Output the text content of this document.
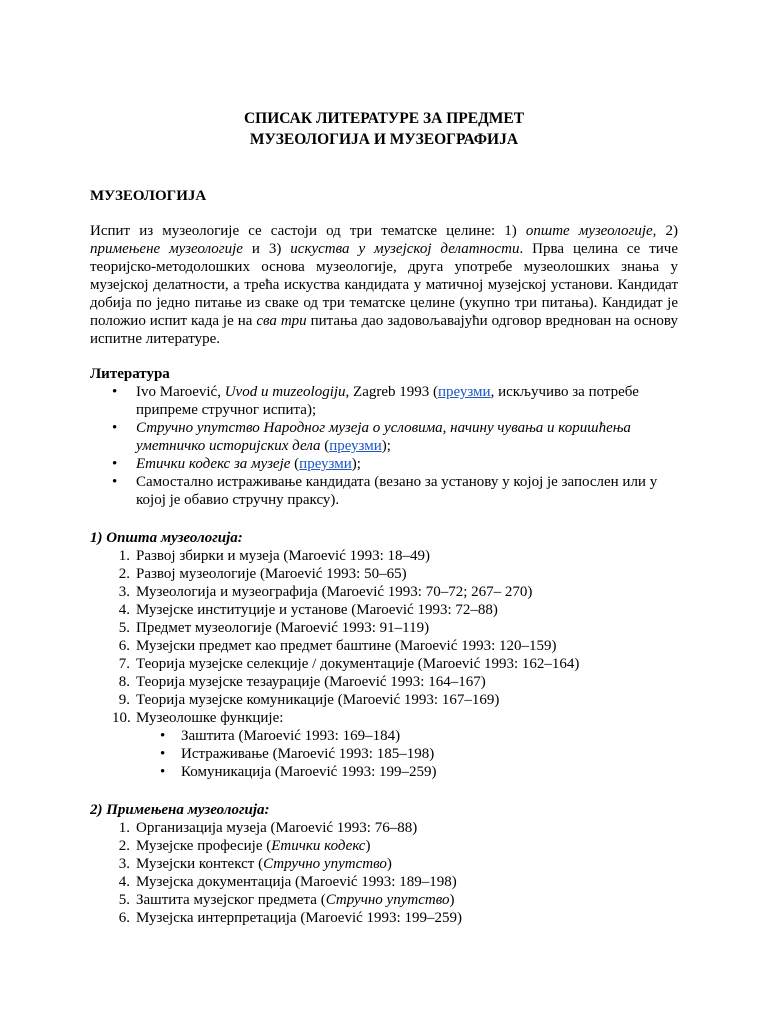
СПИСАК ЛИТЕРАТУРЕ ЗА ПРЕДМЕТ
МУЗЕОЛОГИЈА И МУЗЕОГРАФИЈА
МУЗЕОЛОГИЈА
Испит из музеологије се састоји од три тематске целине: 1) опште музеологије, 2)
примењене музеологије и 3) искуства у музејској делатности. Прва целина се тиче
теоријско-методолошких основа музеологије, друга употребе музеолошких знања у
музејској делатности, а трећа искуства кандидата у матичној музејској установи. Кандидат
добија по једно питање из сваке од три тематске целине (укупно три питања). Кандидат је
положио испит када је на сва три питања дао задовољавајући одговор вреднован на основу
испитне литературе.
Литература
• Ivo Maroević, Uvod u muzeologiju, Zagreb 1993 (преузми, искључиво за потребе
припреме стручног испита);
• Стручно упутство Народног музеја о условима, начину чувања и коришћења
уметничко историјских дела (преузми);
• Етички кодекс за музеје (преузми);
• Самостално истраживање кандидата (везано за установу у којој је запослен или у
којој је обавио стручну праксу).
1) Општа музеологија:
1. Развој збирки и музеја (Maroević 1993: 18–49)
2. Развој музеологије (Maroević 1993: 50–65)
3. Музеологија и музеографија (Maroević 1993: 70–72; 267– 270)
4. Музејске институције и установе (Maroević 1993: 72–88)
5. Предмет музеологије (Maroević 1993: 91–119)
6. Музејски предмет као предмет баштине (Maroević 1993: 120–159)
7. Теорија музејске селекције / документације (Maroević 1993: 162–164)
8. Теорија музејске тезаурације (Maroević 1993: 164–167)
9. Теорија музејске комуникације (Maroević 1993: 167–169)
10. Музеолошке функције:
• Заштита (Maroević 1993: 169–184)
• Истраживање (Maroević 1993: 185–198)
• Комуникација (Maroević 1993: 199–259)
2) Примењена музеологија:
1. Организација музеја (Maroević 1993: 76–88)
2. Музејске професије (Етички кодекс)
3. Музејски контекст (Стручно упутство)
4. Музејска документација (Maroević 1993: 189–198)
5. Заштита музејског предмета (Стручно упутство)
6. Музејска интерпретација (Maroević 1993: 199–259)
